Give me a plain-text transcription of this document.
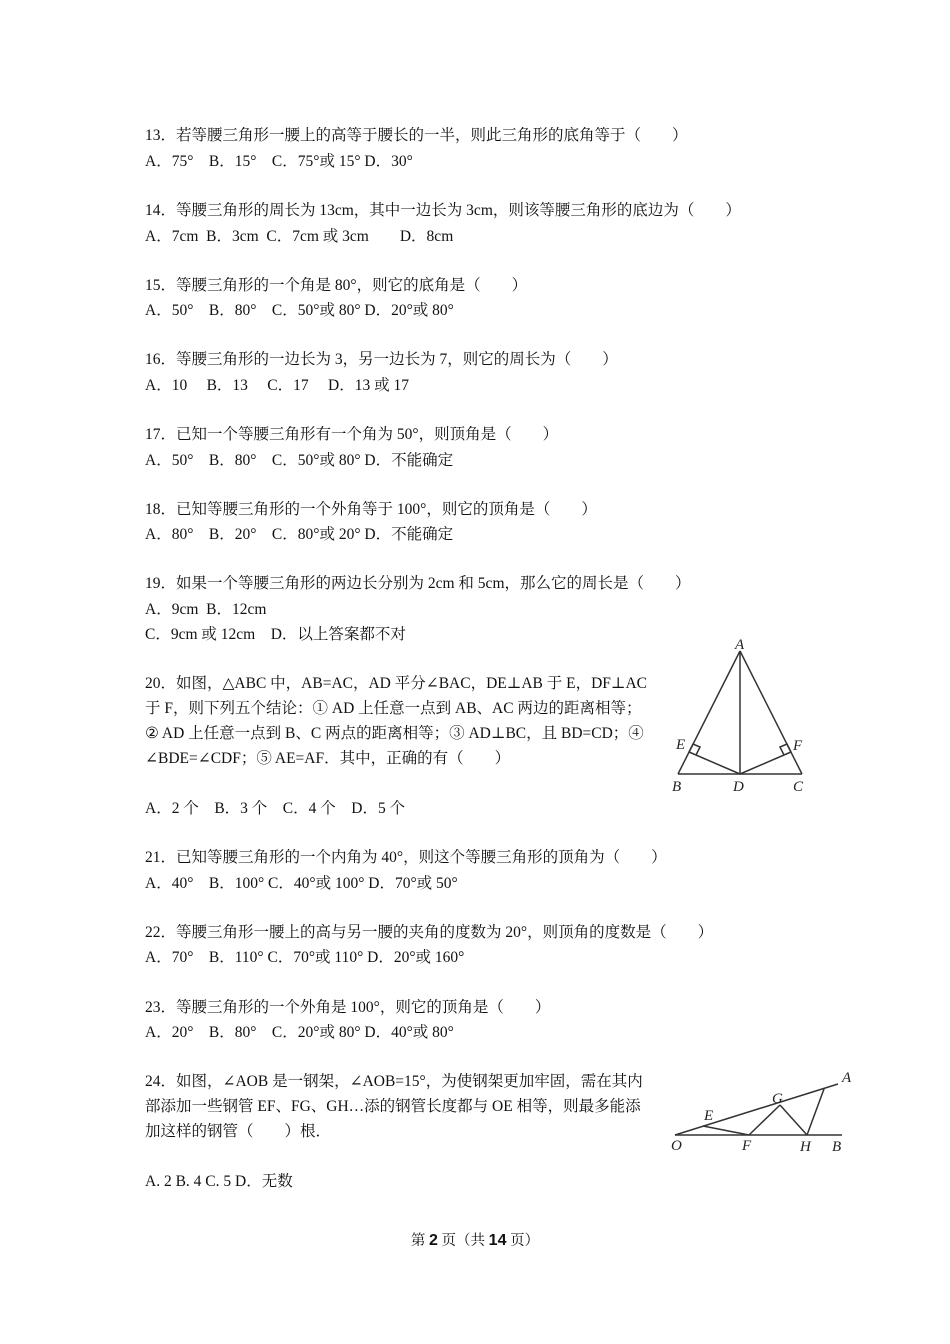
13．若等腰三角形一腰上的高等于腰长的一半，则此三角形的底角等于（　　）
A．75°　B．15°　C．75°或 15° D．30°
14．等腰三角形的周长为 13cm，其中一边长为 3cm，则该等腰三角形的底边为（　　）
A．7cm  B．3cm  C．7cm 或 3cm　　D．8cm
15．等腰三角形的一个角是 80°，则它的底角是（　　）
A．50°　B．80°　C．50°或 80° D．20°或 80°
16．等腰三角形的一边长为 3，另一边长为 7，则它的周长为（　　）
A．10　 B．13　 C．17　 D．13 或 17
17．已知一个等腰三角形有一个角为 50°，则顶角是（　　）
A．50°　B．80°　C．50°或 80° D．不能确定
18．已知等腰三角形的一个外角等于 100°，则它的顶角是（　　）
A．80°　B．20°　C．80°或 20° D．不能确定
19．如果一个等腰三角形的两边长分别为 2cm 和 5cm，那么它的周长是（　　）
A．9cm  B．12cm
C．9cm 或 12cm　D．以上答案都不对
20．如图，△ABC 中，AB=AC，AD 平分∠BAC，DE⊥AB 于 E，DF⊥AC
于 F，则下列五个结论：① AD 上任意一点到 AB、AC 两边的距离相等；
② AD 上任意一点到 B、C 两点的距离相等；③ AD⊥BC，且 BD=CD；④
∠BDE=∠CDF；⑤ AE=AF．其中，正确的有（　　）
A．2 个　B．3 个　C．4 个　D．5 个
A
B	D	C
E	F
21．已知等腰三角形的一个内角为 40°，则这个等腰三角形的顶角为（　　）
A．40°　B．100° C．40°或 100° D．70°或 50°
22．等腰三角形一腰上的高与另一腰的夹角的度数为 20°，则顶角的度数是（　　）
A．70°　B．110° C．70°或 110° D．20°或 160°
23．等腰三角形的一个外角是 100°，则它的顶角是（　　）
A．20°　B．80°　C．20°或 80° D．40°或 80°
24．如图，∠AOB 是一钢架，∠AOB=15°，为使钢架更加牢固，需在其内
部添加一些钢管 EF、FG、GH…添的钢管长度都与 OE 相等，则最多能添
加这样的钢管（　　）根．
A. 2 B. 4 C. 5 D．无数
A
O
E
F
G
H B
第 2 页（共 14 页）
